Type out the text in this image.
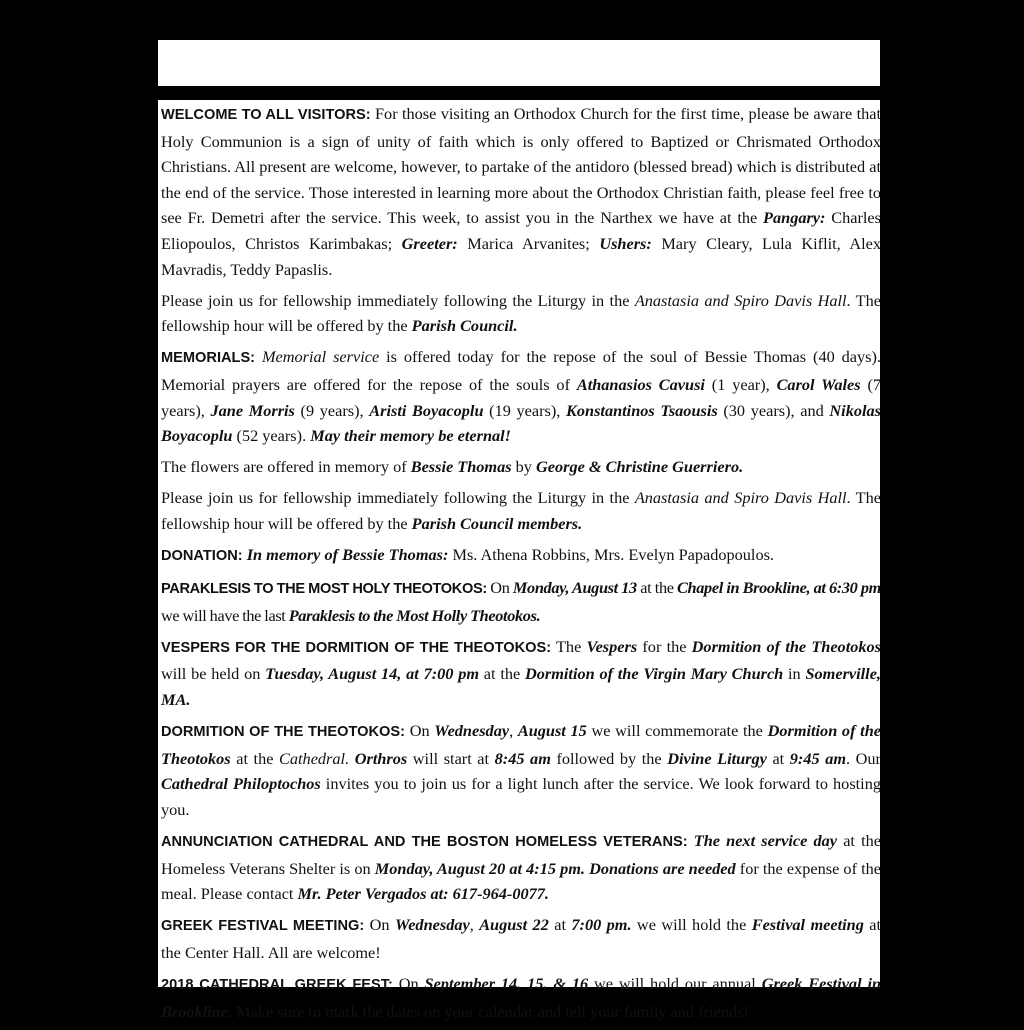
WELCOME TO ALL VISITORS: For those visiting an Orthodox Church for the first time, please be aware that Holy Communion is a sign of unity of faith which is only offered to Baptized or Chrismated Orthodox Christians. All present are welcome, however, to partake of the antidoro (blessed bread) which is distributed at the end of the service. Those interested in learning more about the Orthodox Christian faith, please feel free to see Fr. Demetri after the service. This week, to assist you in the Narthex we have at the Pangary: Charles Eliopoulos, Christos Karimbakas; Greeter: Marica Arvanites; Ushers: Mary Cleary, Lula Kiflit, Alex Mavradis, Teddy Papaslis.

Please join us for fellowship immediately following the Liturgy in the Anastasia and Spiro Davis Hall. The fellowship hour will be offered by the Parish Council.

MEMORIALS: Memorial service is offered today for the repose of the soul of Bessie Thomas (40 days). Memorial prayers are offered for the repose of the souls of Athanasios Cavusi (1 year), Carol Wales (7 years), Jane Morris (9 years), Aristi Boyacoplu (19 years), Konstantinos Tsaousis (30 years), and Nikolas Boyacoplu (52 years). May their memory be eternal!

The flowers are offered in memory of Bessie Thomas by George & Christine Guerriero.

Please join us for fellowship immediately following the Liturgy in the Anastasia and Spiro Davis Hall. The fellowship hour will be offered by the Parish Council members.

DONATION: In memory of Bessie Thomas: Ms. Athena Robbins, Mrs. Evelyn Papadopoulos.

PARAKLESIS TO THE MOST HOLY THEOTOKOS: On Monday, August 13 at the Chapel in Brookline, at 6:30 pm we will have the last Paraklesis to the Most Holly Theotokos.

VESPERS FOR THE DORMITION OF THE THEOTOKOS: The Vespers for the Dormition of the Theotokos will be held on Tuesday, August 14, at 7:00 pm at the Dormition of the Virgin Mary Church in Somerville, MA.

DORMITION OF THE THEOTOKOS: On Wednesday, August 15 we will commemorate the Dormition of the Theotokos at the Cathedral. Orthros will start at 8:45 am followed by the Divine Liturgy at 9:45 am. Our Cathedral Philoptochos invites you to join us for a light lunch after the service. We look forward to hosting you.

ANNUNCIATION CATHEDRAL AND THE BOSTON HOMELESS VETERANS: The next service day at the Homeless Veterans Shelter is on Monday, August 20 at 4:15 pm. Donations are needed for the expense of the meal. Please contact Mr. Peter Vergados at: 617-964-0077.

GREEK FESTIVAL MEETING: On Wednesday, August 22 at 7:00 pm. we will hold the Festival meeting at the Center Hall. All are welcome!

2018 CATHEDRAL GREEK FEST: On September 14, 15, & 16 we will hold our annual Greek Festival in Brookline. Make sure to mark the dates on your calendar and tell your family and friends!
